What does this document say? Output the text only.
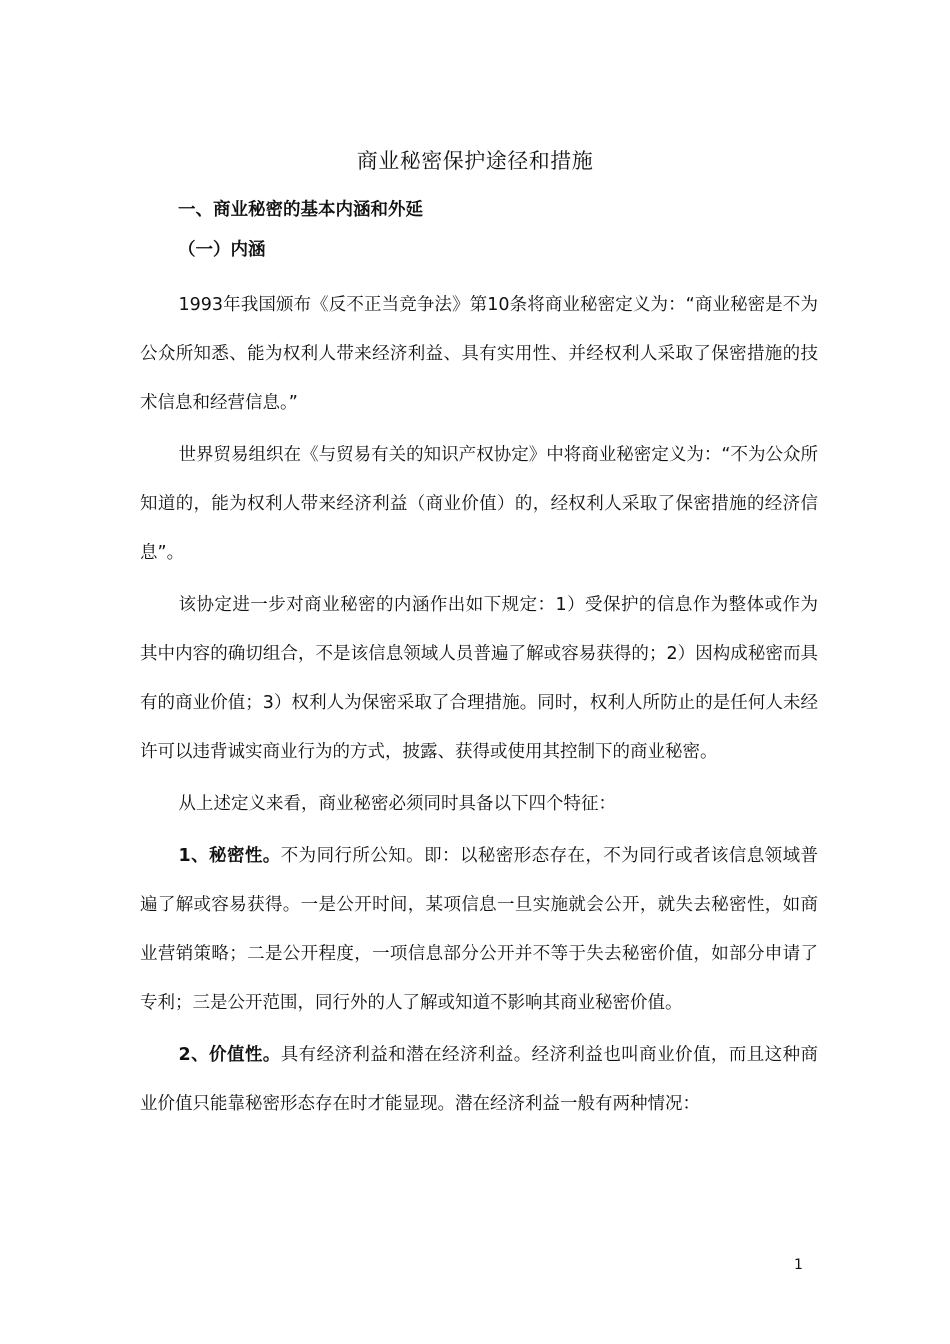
商业秘密保护途径和措施
一、商业秘密的基本内涵和外延
（一）内涵

1993年我国颁布《反不正当竞争法》第10条将商业秘密定义为：“商业秘密是不为公众所知悉、能为权利人带来经济利益、具有实用性、并经权利人采取了保密措施的技术信息和经营信息。”

世界贸易组织在《与贸易有关的知识产权协定》中将商业秘密定义为：“不为公众所知道的，能为权利人带来经济利益（商业价值）的，经权利人采取了保密措施的经济信息”。

该协定进一步对商业秘密的内涵作出如下规定：1）受保护的信息作为整体或作为其中内容的确切组合，不是该信息领域人员普遍了解或容易获得的；2）因构成秘密而具有的商业价值；3）权利人为保密采取了合理措施。同时，权利人所防止的是任何人未经许可以违背诚实商业行为的方式，披露、获得或使用其控制下的商业秘密。

从上述定义来看，商业秘密必须同时具备以下四个特征：

1、秘密性。不为同行所公知。即：以秘密形态存在，不为同行或者该信息领域普遍了解或容易获得。一是公开时间，某项信息一旦实施就会公开，就失去秘密性，如商业营销策略；二是公开程度，一项信息部分公开并不等于失去秘密价值，如部分申请了专利；三是公开范围，同行外的人了解或知道不影响其商业秘密价值。

2、价值性。具有经济利益和潜在经济利益。经济利益也叫商业价值，而且这种商业价值只能靠秘密形态存在时才能显现。潜在经济利益一般有两种情况：

1
